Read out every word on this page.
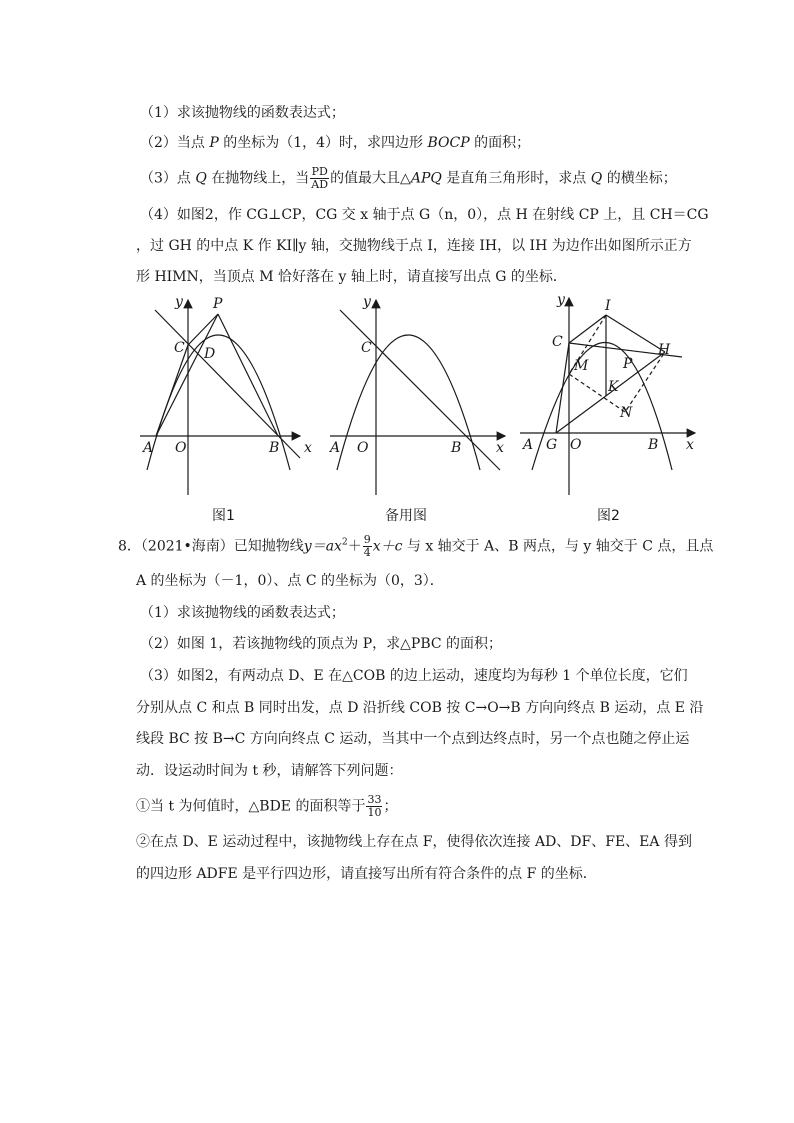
（1）求该抛物线的函数表达式；
（2）当点 P 的坐标为（1，4）时，求四边形 BOCP 的面积；
（3）点 Q 在抛物线上，当 $\frac{PD}{AD}$ 的值最大且△APQ 是直角三角形时，求点 Q 的横坐标；
（4）如图2，作 CG⊥CP，CG 交 x 轴于点 G（n，0），点 H 在射线 CP 上，且 CH＝CG
，过 GH 的中点 K 作 KI∥y 轴，交抛物线于点 I，连接 IH，以 IH 为边作出如图所示正方
形 HIMN，当顶点 M 恰好落在 y 轴上时，请直接写出点 G 的坐标．
y P
C D
A O	B x
y
C
A O	B x
y	I
C	H
M P
K
N
A G O	B x
图1	备用图	图2
8．（2021•海南）已知抛物线$y=ax^2+ \frac{9}{4} x+c$ 与 x 轴交于 A、B 两点，与 y 轴交于 C 点，且点
A 的坐标为（－1，0）、点 C 的坐标为（0，3）．
（1）求该抛物线的函数表达式；
（2）如图 1，若该抛物线的顶点为 P，求△PBC 的面积；
（3）如图2，有两动点 D、E 在△COB 的边上运动，速度均为每秒 1 个单位长度，它们
分别从点 C 和点 B 同时出发，点 D 沿折线 COB 按 C→O→B 方向向终点 B 运动，点 E 沿
线段 BC 按 B→C 方向向终点 C 运动，当其中一个点到达终点时，另一个点也随之停止运
动．设运动时间为 t 秒，请解答下列问题：
①当 t 为何值时，△BDE 的面积等于 $\frac{33}{10}$ ；
②在点 D、E 运动过程中，该抛物线上存在点 F，使得依次连接 AD、DF、FE、EA 得到
的四边形 ADFE 是平行四边形，请直接写出所有符合条件的点 F 的坐标．
